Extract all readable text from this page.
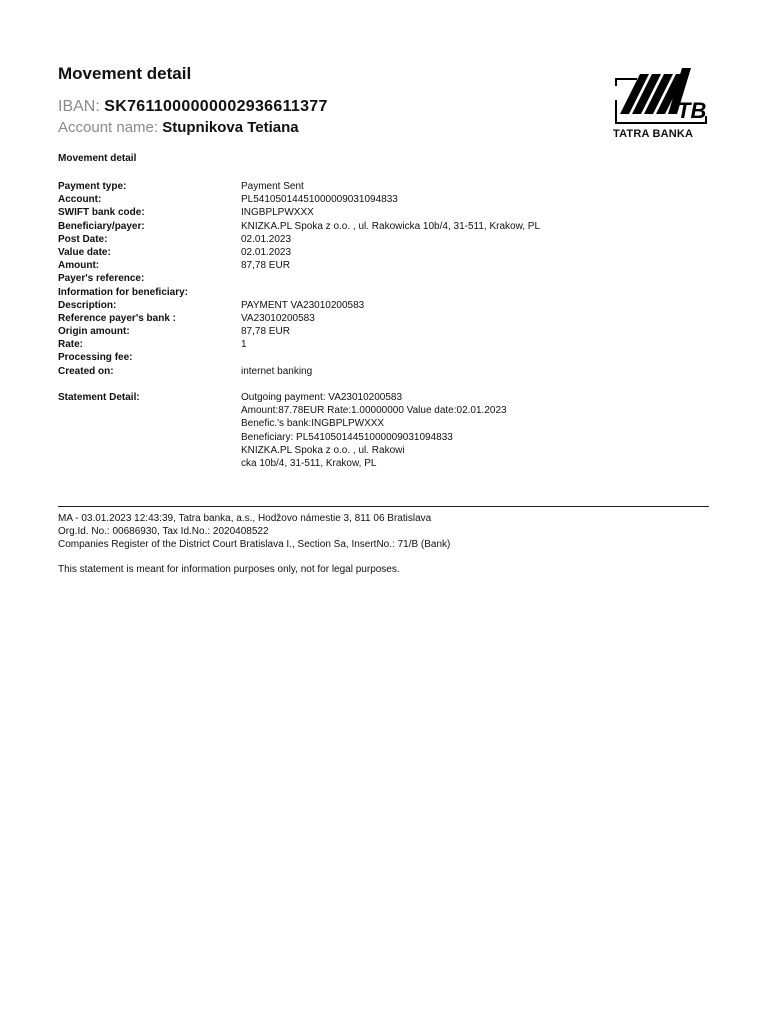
Movement detail
IBAN: SK7611000000002936611377
Account name: Stupnikova Tetiana
TB
TATRA BANKA
Movement detail
Payment type:	Payment Sent
Account:	PL54105014451000009031094833
SWIFT bank code:	INGBPLPWXXX
Beneficiary/payer:	KNIZKA.PL Spoka z o.o. , ul. Rakowicka 10b/4, 31-511, Krakow, PL
Post Date:	02.01.2023
Value date:	02.01.2023
Amount:	87,78 EUR
Payer's reference:
Information for beneficiary:
Description:	PAYMENT VA23010200583
Reference payer's bank :	VA23010200583
Origin amount:	87,78 EUR
Rate:	1
Processing fee:
Created on:	internet banking
Statement Detail:	Outgoing payment: VA23010200583
Amount:87.78EUR Rate:1.00000000 Value date:02.01.2023
Benefic.'s bank:INGBPLPWXXX
Beneficiary: PL54105014451000009031094833
KNIZKA.PL Spoka z o.o. , ul. Rakowi
cka 10b/4, 31-511, Krakow, PL
MA - 03.01.2023 12:43:39, Tatra banka, a.s., Hodžovo námestie 3, 811 06 Bratislava
Org.Id. No.: 00686930, Tax Id.No.: 2020408522
Companies Register of the District Court Bratislava I., Section Sa, InsertNo.: 71/B (Bank)
This statement is meant for information purposes only, not for legal purposes.
